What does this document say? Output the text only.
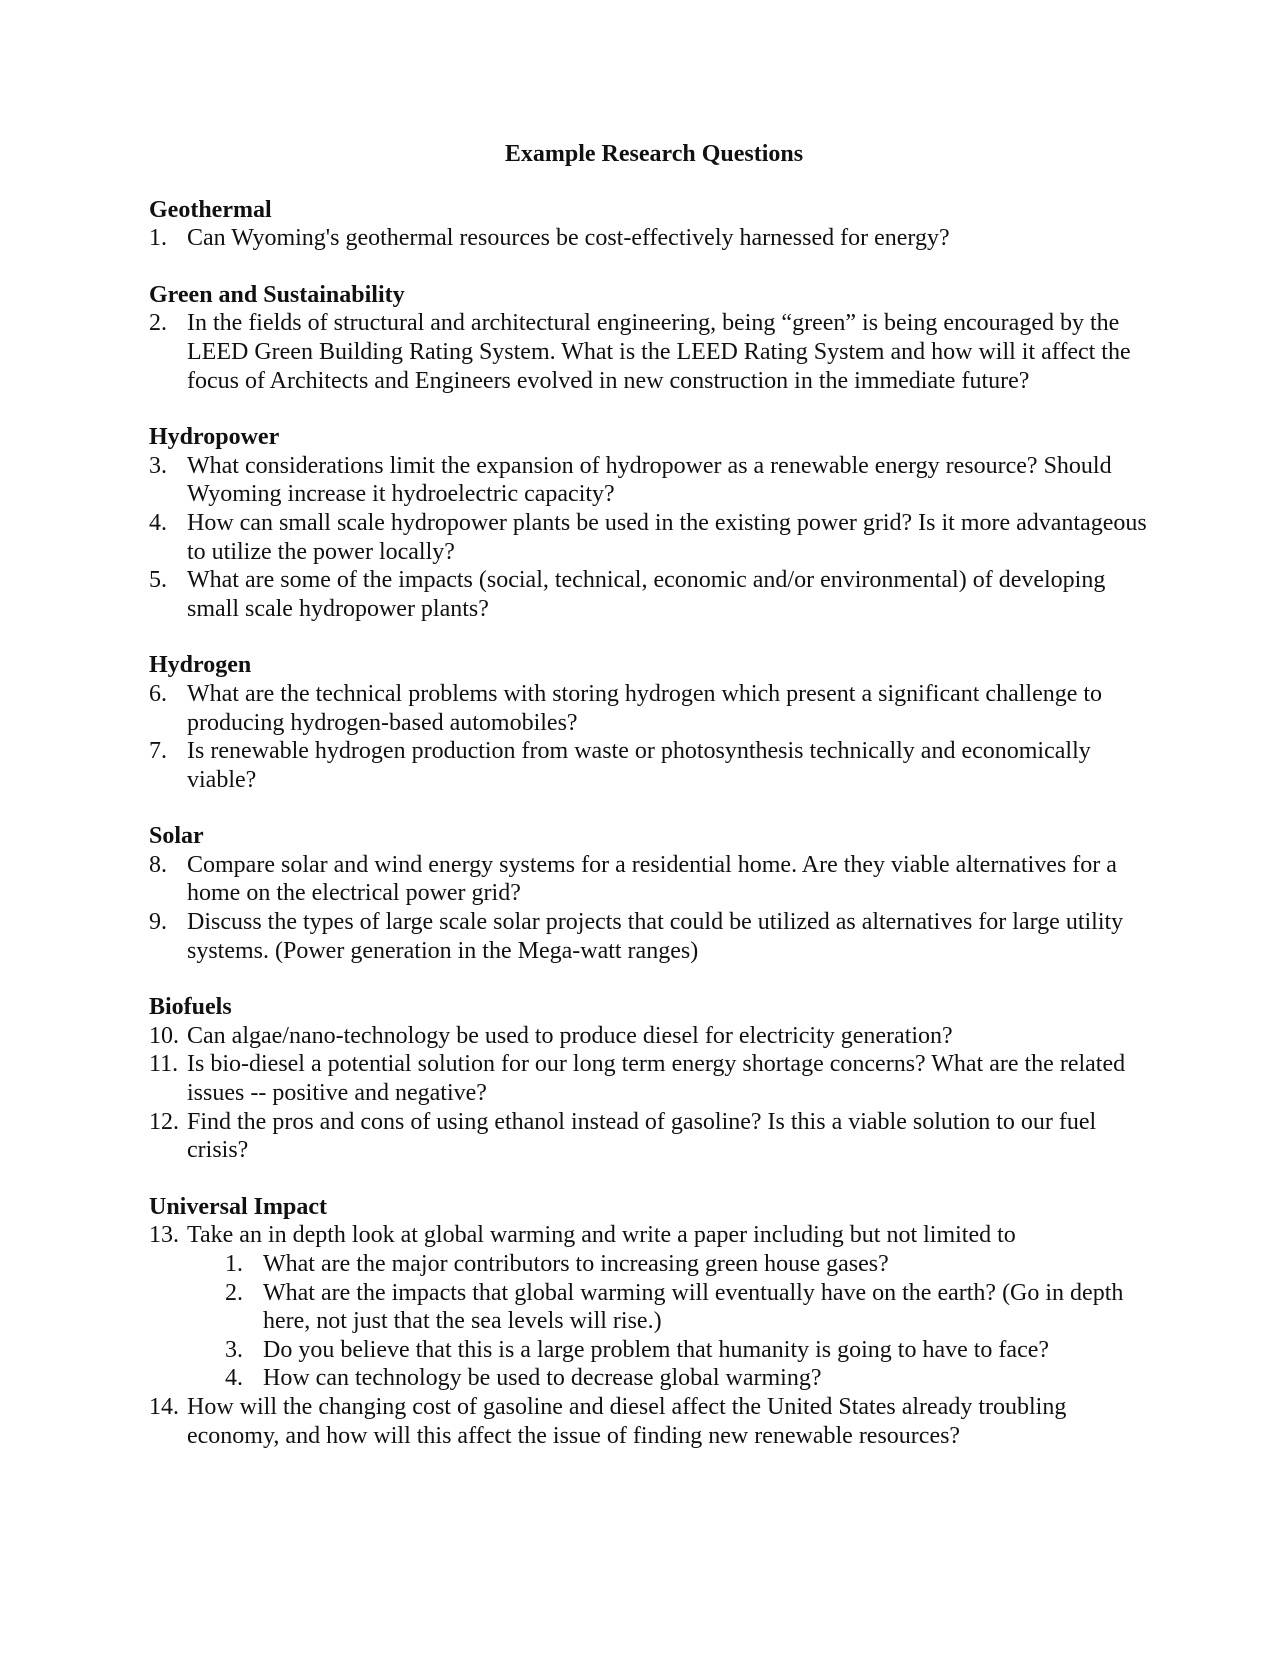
Example Research Questions
Geothermal
1. Can Wyoming's geothermal resources be cost-effectively harnessed for energy?
Green and Sustainability
2. In the fields of structural and architectural engineering, being “green” is being encouraged by the LEED Green Building Rating System. What is the LEED Rating System and how will it affect the focus of Architects and Engineers evolved in new construction in the immediate future?
Hydropower
3. What considerations limit the expansion of hydropower as a renewable energy resource? Should Wyoming increase it hydroelectric capacity?
4. How can small scale hydropower plants be used in the existing power grid? Is it more advantageous to utilize the power locally?
5. What are some of the impacts (social, technical, economic and/or environmental) of developing small scale hydropower plants?
Hydrogen
6. What are the technical problems with storing hydrogen which present a significant challenge to producing hydrogen-based automobiles?
7. Is renewable hydrogen production from waste or photosynthesis technically and economically viable?
Solar
8. Compare solar and wind energy systems for a residential home. Are they viable alternatives for a home on the electrical power grid?
9. Discuss the types of large scale solar projects that could be utilized as alternatives for large utility systems. (Power generation in the Mega-watt ranges)
Biofuels
10. Can algae/nano-technology be used to produce diesel for electricity generation?
11. Is bio-diesel a potential solution for our long term energy shortage concerns? What are the related issues -- positive and negative?
12. Find the pros and cons of using ethanol instead of gasoline? Is this a viable solution to our fuel crisis?
Universal Impact
13. Take an in depth look at global warming and write a paper including but not limited to
1. What are the major contributors to increasing green house gases?
2. What are the impacts that global warming will eventually have on the earth? (Go in depth here, not just that the sea levels will rise.)
3. Do you believe that this is a large problem that humanity is going to have to face?
4. How can technology be used to decrease global warming?
14. How will the changing cost of gasoline and diesel affect the United States already troubling economy, and how will this affect the issue of finding new renewable resources?
